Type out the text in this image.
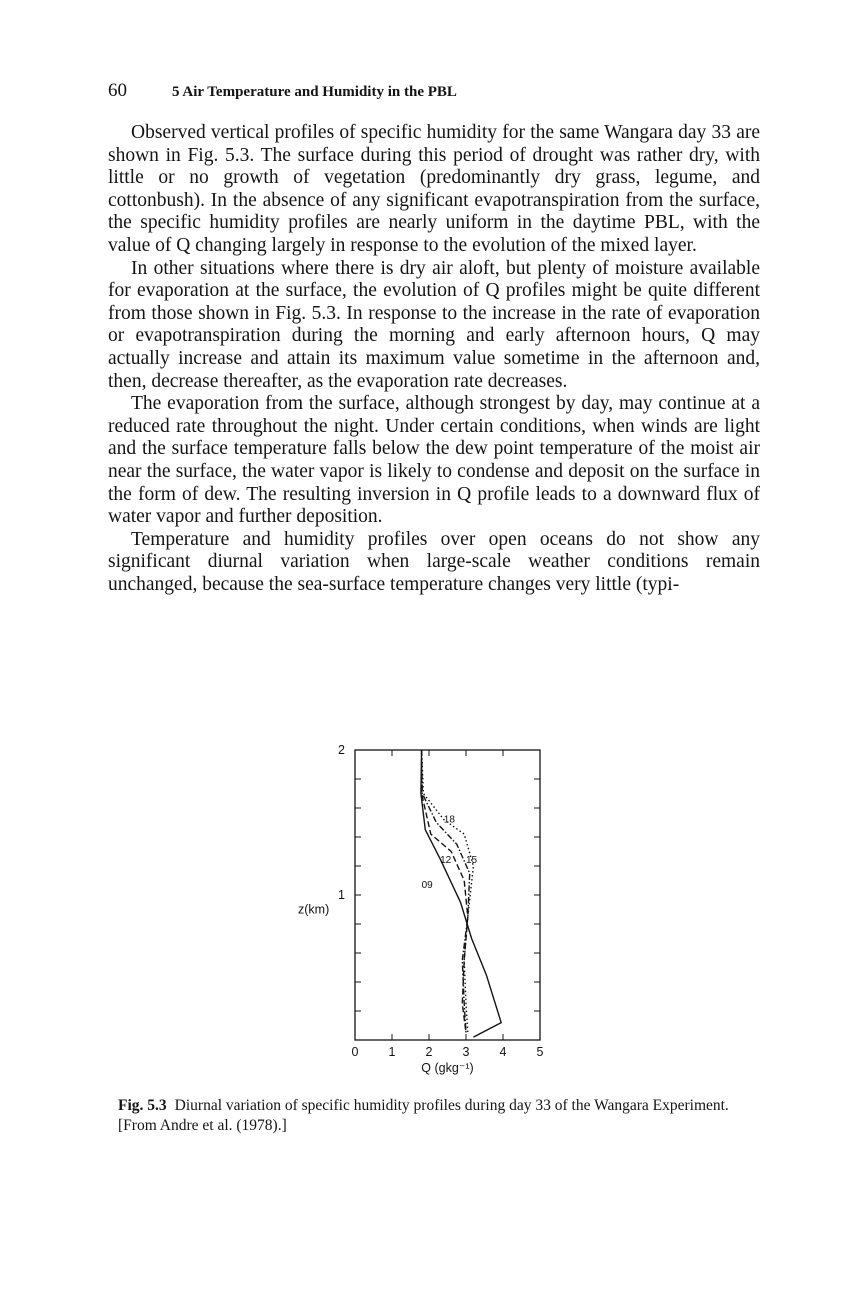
60	5 Air Temperature and Humidity in the PBL

Observed vertical profiles of specific humidity for the same Wangara day 33 are shown in Fig. 5.3. The surface during this period of drought was rather dry, with little or no growth of vegetation (predominantly dry grass, legume, and cottonbush). In the absence of any significant evapotranspiration from the surface, the specific humidity profiles are nearly uniform in the daytime PBL, with the value of Q changing largely in response to the evolution of the mixed layer.

In other situations where there is dry air aloft, but plenty of moisture available for evaporation at the surface, the evolution of Q profiles might be quite different from those shown in Fig. 5.3. In response to the increase in the rate of evaporation or evapotranspiration during the morning and early afternoon hours, Q may actually increase and attain its maximum value sometime in the afternoon and, then, decrease thereafter, as the evaporation rate decreases.

The evaporation from the surface, although strongest by day, may continue at a reduced rate throughout the night. Under certain conditions, when winds are light and the surface temperature falls below the dew point temperature of the moist air near the surface, the water vapor is likely to condense and deposit on the surface in the form of dew. The resulting inversion in Q profile leads to a downward flux of water vapor and further deposition.

Temperature and humidity profiles over open oceans do not show any significant diurnal variation when large-scale weather conditions remain unchanged, because the sea-surface temperature changes very little (typi-

0 1 2 3 4 5
1
2
Q (gkg⁻¹)
z(km)
18
12 15
09
Fig. 5.3 Diurnal variation of specific humidity profiles during day 33 of the Wangara Experiment. [From Andre et al. (1978).]
